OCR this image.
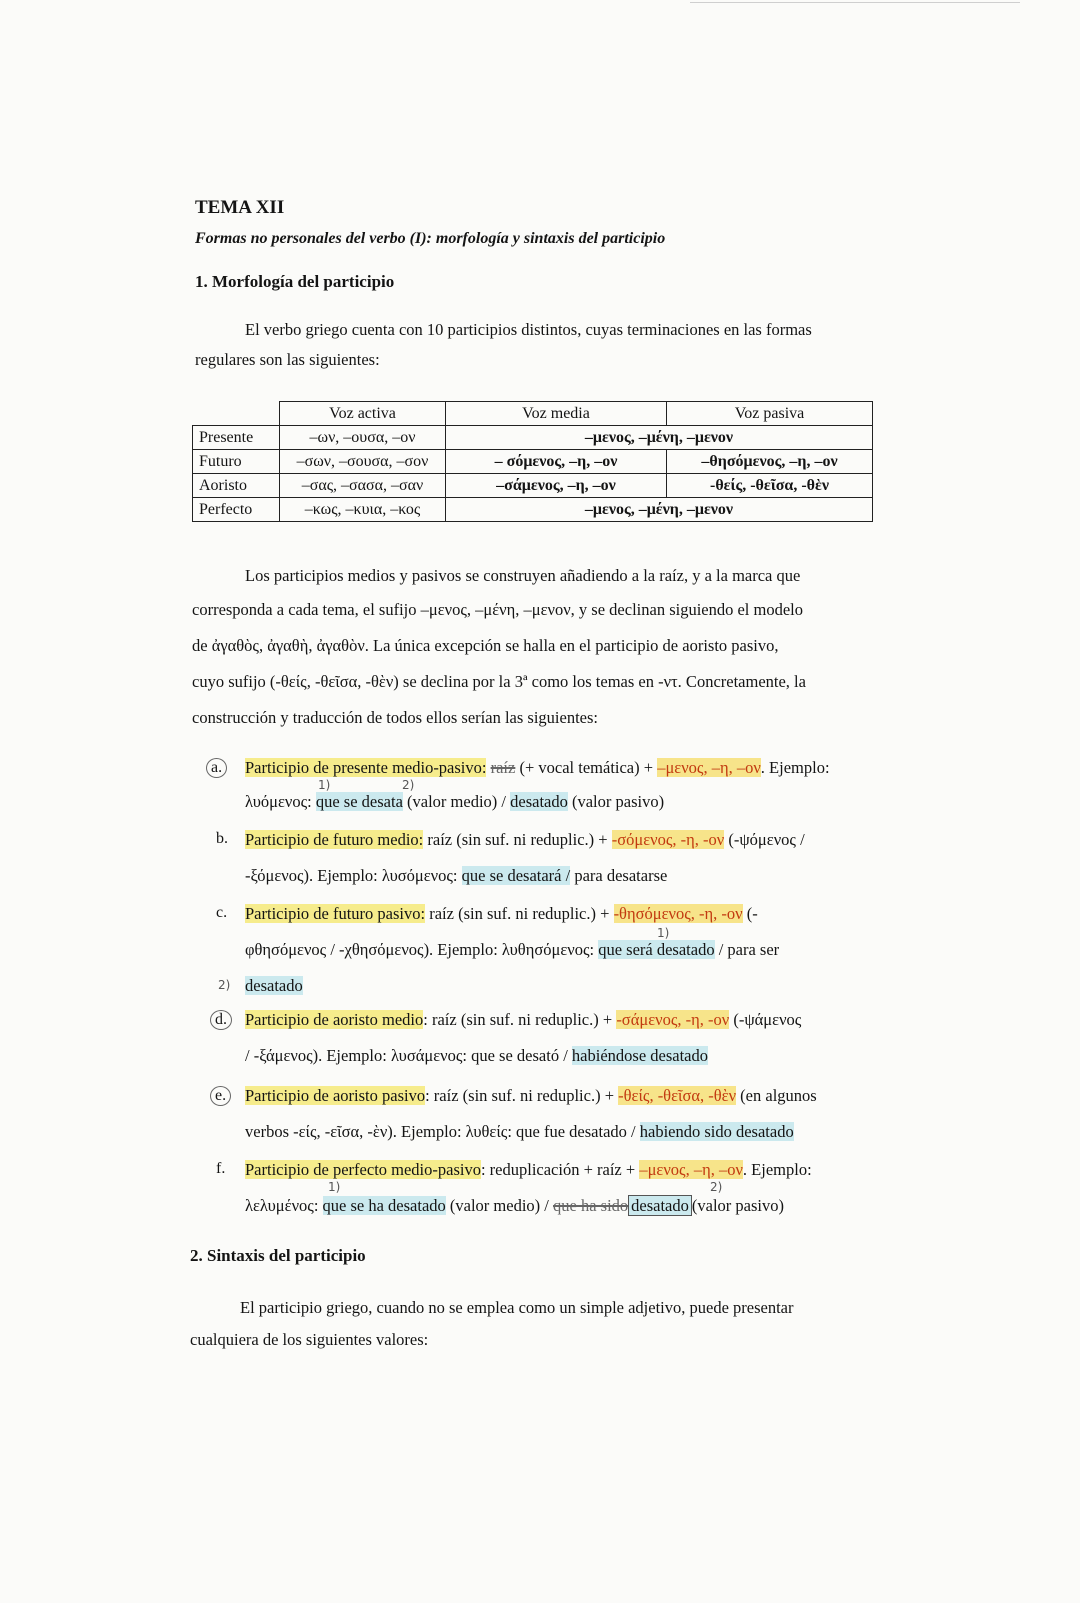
TEMA XII
Formas no personales del verbo (I): morfología y sintaxis del participio
1. Morfología del participio
El verbo griego cuenta con 10 participios distintos, cuyas terminaciones en las formas
regulares son las siguientes:
	Voz activa	Voz media	Voz pasiva
Presente	–ων, –ουσα, –ον	–μενος, –μένη, –μενον	
Futuro	–σων, –σουσα, –σον	– σόμενος, –η, –ον	–θησόμενος, –η, –ον
Aoristo	–σας, –σασα, –σαν	–σάμενος, –η, –ον	-θείς, -θεῖσα, -θὲν
Perfecto	–κως, –κυια, –κος	–μενος, –μένη, –μενον	
Los participios medios y pasivos se construyen añadiendo a la raíz, y a la marca que
corresponda a cada tema, el sufijo –μενος, –μένη, –μενον, y se declinan siguiendo el modelo
de ἀγαθὸς, ἀγαθὴ, ἀγαθὸν. La única excepción se halla en el participio de aoristo pasivo,
cuyo sufijo (-θείς, -θεῖσα, -θὲν) se declina por la 3ª como los temas en -ντ. Concretamente, la
construcción y traducción de todos ellos serían las siguientes:
a.	Participio de presente medio-pasivo: raíz (+ vocal temática) + –μενος, –η, –ον. Ejemplo:
λυόμενος: que se desata (valor medio) / desatado (valor pasivo)
1)	2)
b. Participio de futuro medio: raíz (sin suf. ni reduplic.) + -σόμενος, -η, -ον (-ψόμενος /
-ξόμενος). Ejemplo: λυσόμενος: que se desatará / para desatarse
c. Participio de futuro pasivo: raíz (sin suf. ni reduplic.) + -θησόμενος, -η, -ον (-
φθησόμενος / -χθησόμενος). Ejemplo: λυθησόμενος: que será desatado / para ser
1)
2) desatado
d.	Participio de aoristo medio: raíz (sin suf. ni reduplic.) + -σάμενος, -η, -ον (-ψάμενος
/ -ξάμενος). Ejemplo: λυσάμενος: que se desató / habiéndose desatado
e.	Participio de aoristo pasivo: raíz (sin suf. ni reduplic.) + -θείς, -θεῖσα, -θὲν (en algunos
verbos -είς, -εῖσα, -ὲν). Ejemplo: λυθείς: que fue desatado / habiendo sido desatado
f. Participio de perfecto medio-pasivo: reduplicación + raíz + –μενος, –η, –ον. Ejemplo:
λελυμένος: que se ha desatado (valor medio) / que ha sido desatado (valor pasivo)
1)	2)
2. Sintaxis del participio
El participio griego, cuando no se emplea como un simple adjetivo, puede presentar
cualquiera de los siguientes valores:
